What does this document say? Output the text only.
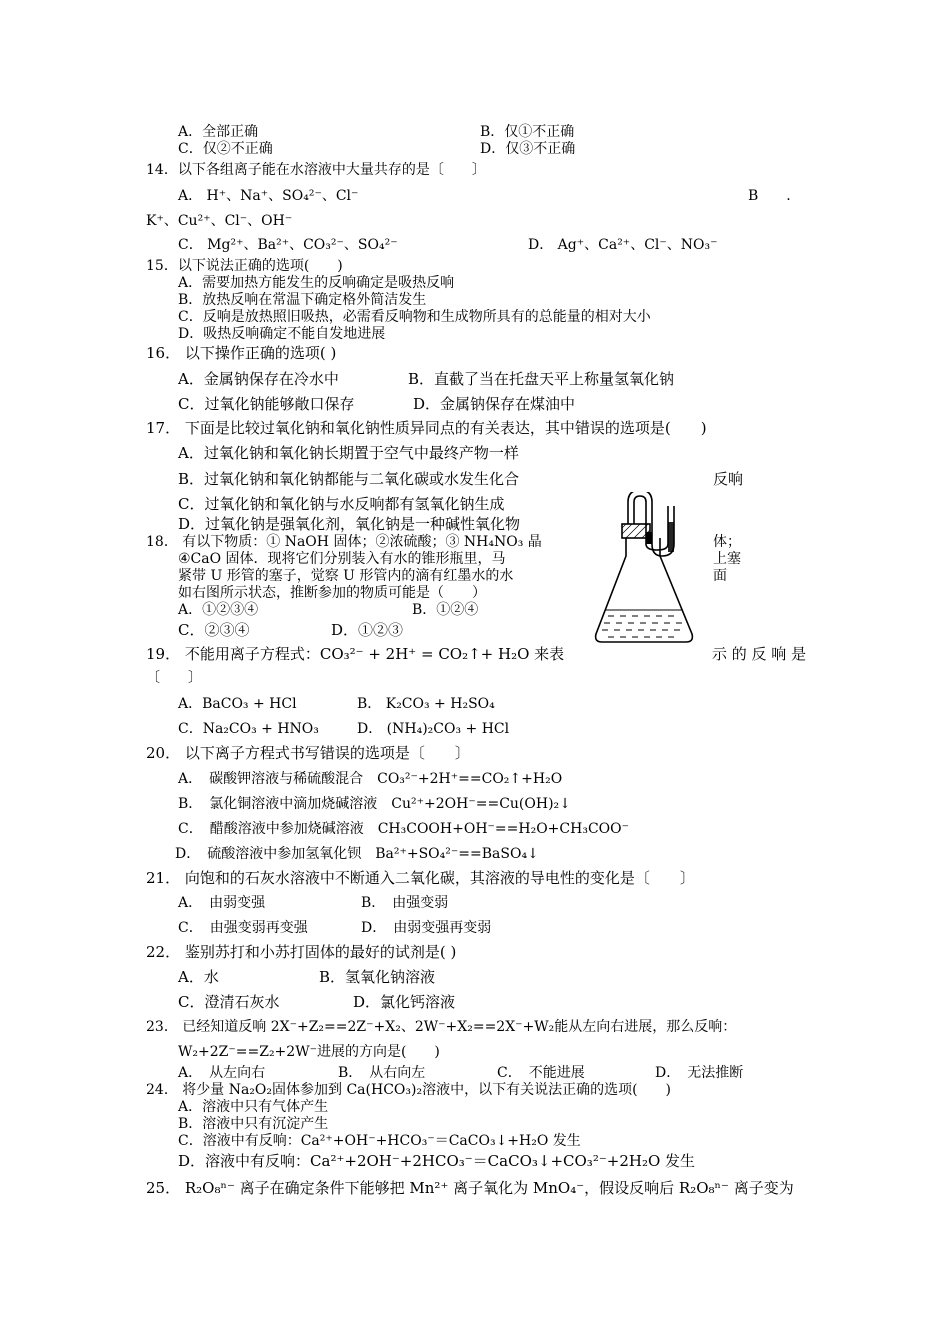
A．全部正确	B．仅①不正确
C．仅②不正确	D．仅③不正确
14．以下各组离子能在水溶液中大量共存的是〔　　〕
A． H⁺、Na⁺、SO₄²⁻、Cl⁻	B　　.
K⁺、Cu²⁺、Cl⁻、OH⁻
C． Mg²⁺、Ba²⁺、CO₃²⁻、SO₄²⁻	D． Ag⁺、Ca²⁺、Cl⁻、NO₃⁻
15．以下说法正确的选项(　　)
A．需要加热方能发生的反响确定是吸热反响
B．放热反响在常温下确定格外简洁发生
C．反响是放热照旧吸热，必需看反响物和生成物所具有的总能量的相对大小
D．吸热反响确定不能自发地进展
16． 以下操作正确的选项( )
A．金属钠保存在冷水中	B．直截了当在托盘天平上称量氢氧化钠
C．过氧化钠能够敞口保存	D．金属钠保存在煤油中
17． 下面是比较过氧化钠和氧化钠性质异同点的有关表达，其中错误的选项是(　　)
A．过氧化钠和氧化钠长期置于空气中最终产物一样
B．过氧化钠和氧化钠都能与二氧化碳或水发生化合	反响
C．过氧化钠和氧化钠与水反响都有氢氧化钠生成
D．过氧化钠是强氧化剂，氧化钠是一种碱性氧化物
18． 有以下物质：① NaOH 固体；②浓硫酸；③ NH₄NO₃ 晶	体；
④CaO 固体．现将它们分别装入有水的锥形瓶里，马	上塞
紧带 U 形管的塞子，觉察 U 形管内的滴有红墨水的水	面
如右图所示状态，推断参加的物质可能是（　　）
A．①②③④	B．①②④
C．②③④	D．①②③
19． 不能用离子方程式：CO₃²⁻ + 2H⁺ = CO₂↑+ H₂O 来表	示 的 反 响 是
〔　　〕
A．BaCO₃ + HCl	B． K₂CO₃ + H₂SO₄
C．Na₂CO₃ + HNO₃	D． (NH₄)₂CO₃ + HCl
20． 以下离子方程式书写错误的选项是〔　　〕
A．　碳酸钾溶液与稀硫酸混合　CO₃²⁻+2H⁺==CO₂↑+H₂O
B．　氯化铜溶液中滴加烧碱溶液　Cu²⁺+2OH⁻==Cu(OH)₂↓
C．　醋酸溶液中参加烧碱溶液　CH₃COOH+OH⁻==H₂O+CH₃COO⁻
D．　硫酸溶液中参加氢氧化钡　Ba²⁺+SO₄²⁻==BaSO₄↓
21． 向饱和的石灰水溶液中不断通入二氧化碳，其溶液的导电性的变化是〔　　〕
A．　由弱变强	B．　由强变弱
C．　由强变弱再变强	D．　由弱变强再变弱
22． 鉴别苏打和小苏打固体的最好的试剂是( )
A．水	B．氢氧化钠溶液
C．澄清石灰水	D．氯化钙溶液
23． 已经知道反响 2X⁻+Z₂==2Z⁻+X₂、2W⁻+X₂==2X⁻+W₂能从左向右进展，那么反响：
W₂+2Z⁻==Z₂+2W⁻进展的方向是(　　)
A．　从左向右	B．　从右向左	C．　不能进展	D．　无法推断
24． 将少量 Na₂O₂固体参加到 Ca(HCO₃)₂溶液中，以下有关说法正确的选项(　　)
A．溶液中只有气体产生
B．溶液中只有沉淀产生
C．溶液中有反响：Ca²⁺+OH⁻+HCO₃⁻＝CaCO₃↓+H₂O 发生
D．溶液中有反响：Ca²⁺+2OH⁻+2HCO₃⁻＝CaCO₃↓+CO₃²⁻+2H₂O 发生
25． R₂O₈ⁿ⁻ 离子在确定条件下能够把 Mn²⁺ 离子氧化为 MnO₄⁻，假设反响后 R₂O₈ⁿ⁻ 离子变为
